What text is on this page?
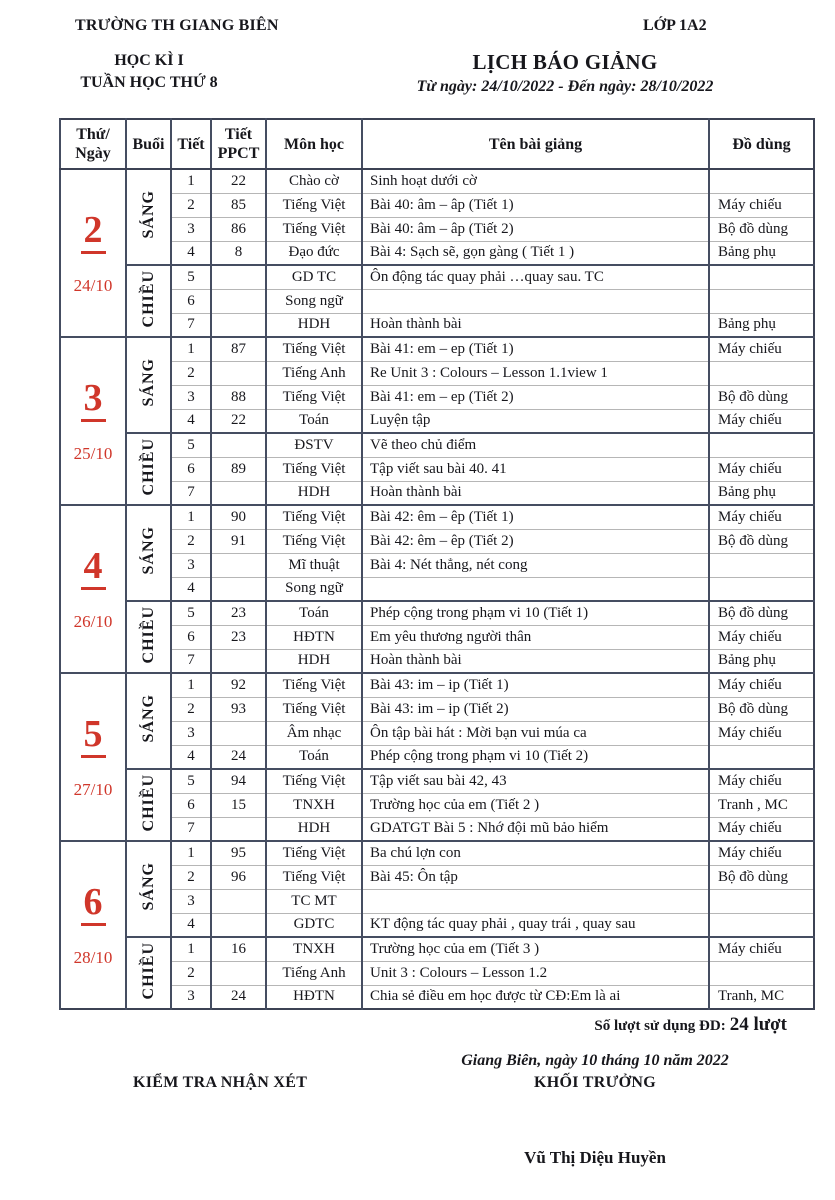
TRƯỜNG TH GIANG BIÊN	LỚP 1A2
HỌC KÌ I
TUẦN HỌC THỨ 8
LỊCH BÁO GIẢNG
Từ ngày: 24/10/2022 - Đến ngày: 28/10/2022
Thứ/
Ngày	Buổi	Tiết	Tiết
PPCT	Môn học	Tên bài giảng	Đồ dùng
2
24/10	SÁNG	1	22	Chào cờ	Sinh hoạt dưới cờ	
		2	85	Tiếng Việt	Bài 40: âm – âp (Tiết 1)	Máy chiếu
		3	86	Tiếng Việt	Bài 40: âm – âp (Tiết 2)	Bộ đồ dùng
		4	8	Đạo đức	Bài 4: Sạch sẽ, gọn gàng ( Tiết 1 )	Bảng phụ
	CHIỀU	5		GD TC	Ôn động tác quay phải …quay sau. TC	
		6		Song ngữ		
		7		HDH	Hoàn thành bài	Bảng phụ
3
25/10	SÁNG	1	87	Tiếng Việt	Bài 41: em – ep (Tiết 1)	Máy chiếu
		2		Tiếng Anh	Re Unit 3 : Colours – Lesson 1.1view 1	
		3	88	Tiếng Việt	Bài 41: em – ep (Tiết 2)	Bộ đồ dùng
		4	22	Toán	Luyện tập	Máy chiếu
	CHIỀU	5		ĐSTV	Vẽ theo chủ điểm	
		6	89	Tiếng Việt	Tập viết sau bài 40. 41	Máy chiếu
		7		HDH	Hoàn thành bài	Bảng phụ
4
26/10	SÁNG	1	90	Tiếng Việt	Bài 42: êm – êp (Tiết 1)	Máy chiếu
		2	91	Tiếng Việt	Bài 42: êm – êp (Tiết 2)	Bộ đồ dùng
		3		Mĩ thuật	Bài 4: Nét thẳng, nét cong	
		4		Song ngữ		
	CHIỀU	5	23	Toán	Phép cộng trong phạm vi 10 (Tiết 1)	Bộ đồ dùng
		6	23	HĐTN	Em yêu thương người thân	Máy chiếu
		7		HDH	Hoàn thành bài	Bảng phụ
5
27/10	SÁNG	1	92	Tiếng Việt	Bài 43: im – ip (Tiết 1)	Máy chiếu
		2	93	Tiếng Việt	Bài 43: im – ip (Tiết 2)	Bộ đồ dùng
		3		Âm nhạc	Ôn tập bài hát : Mời bạn vui múa ca	Máy chiếu
		4	24	Toán	Phép cộng trong phạm vi 10 (Tiết 2)	
	CHIỀU	5	94	Tiếng Việt	Tập viết sau bài 42, 43	Máy chiếu
		6	15	TNXH	Trường học của em (Tiết 2 )	Tranh , MC
		7		HDH	GDATGT Bài 5 : Nhớ đội mũ bảo hiểm	Máy chiếu
6
28/10	SÁNG	1	95	Tiếng Việt	Ba chú lợn con	Máy chiếu
		2	96	Tiếng Việt	Bài 45: Ôn tập	Bộ đồ dùng
		3		TC MT		
		4		GDTC	KT động tác quay phải , quay trái , quay sau	
	CHIỀU	1	16	TNXH	Trường học của em (Tiết 3 )	Máy chiếu
		2		Tiếng Anh	Unit 3 : Colours – Lesson 1.2	
		3	24	HĐTN	Chia sẻ điều em học được từ CĐ:Em là ai	Tranh, MC
Số lượt sử dụng ĐD: 24 lượt
Giang Biên, ngày 10 tháng 10 năm 2022
KIỂM TRA NHẬN XÉT	KHỐI TRƯỞNG
Vũ Thị Diệu Huyền
